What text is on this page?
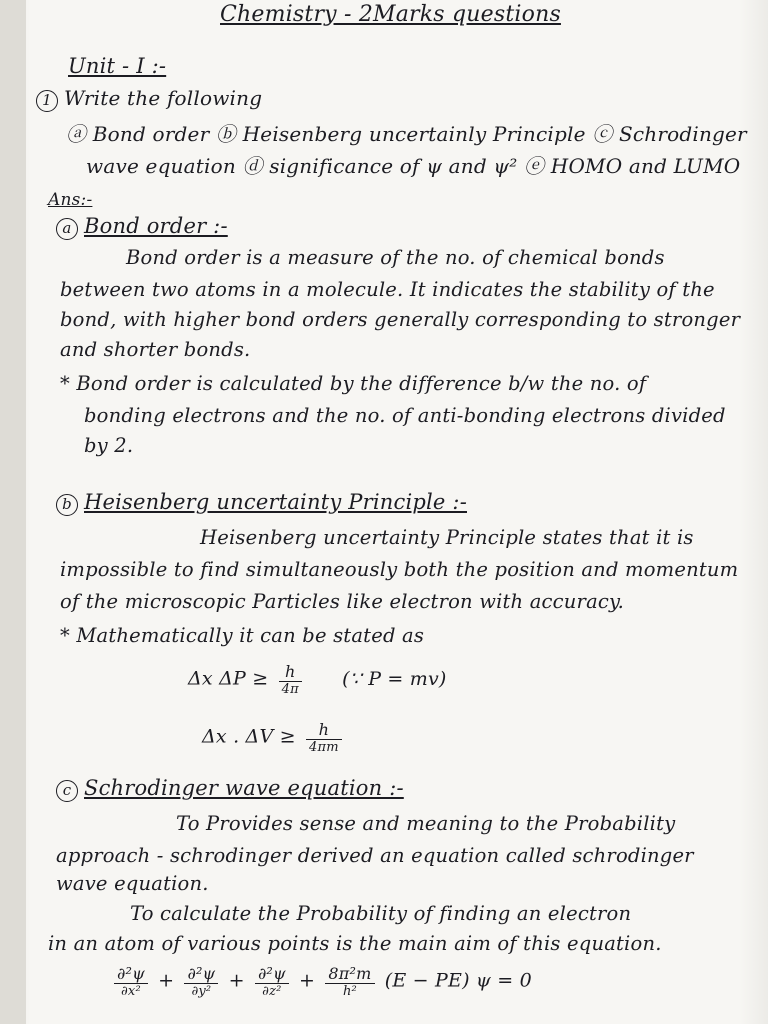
Chemistry - 2Marks questions
Unit - I :-
1 Write the following
ⓐ Bond order ⓑ Heisenberg uncertainly Principle ⓒ Schrodinger
wave equation ⓓ significance of ψ and ψ² ⓔ HOMO and LUMO
Ans:-
a Bond order :-
Bond order is a measure of the no. of chemical bonds
between two atoms in a molecule. It indicates the stability of the
bond, with higher bond orders generally corresponding to stronger
and shorter bonds.
* Bond order is calculated by the difference b/w the no. of
bonding electrons and the no. of anti-bonding electrons divided
by 2.
b Heisenberg uncertainty Principle :-
Heisenberg uncertainty Principle states that it is
impossible to find simultaneously both the position and momentum
of the microscopic Particles like electron with accuracy.
* Mathematically it can be stated as
Δx $\Delta P \ge \frac{h}{4\pi}$ (∵ P = mv)
Δx . $\Delta V \ge \frac{h}{4\pi m}$
c Schrodinger wave equation :-
To Provides sense and meaning to the Probability
approach - schrodinger derived an equation called schrodinger
wave equation.
To calculate the Probability of finding an electron
in an atom of various points is the main aim of this equation.
$\frac{\text{∂²ψ}}{\text{∂x²}} + \frac{\text{∂²ψ}}{\text{∂y²}} + \frac{\text{∂²ψ}}{\text{∂z²}} + \frac{\text{8π²m}}{\text{h²}} (E - PE) \psi = 0$
